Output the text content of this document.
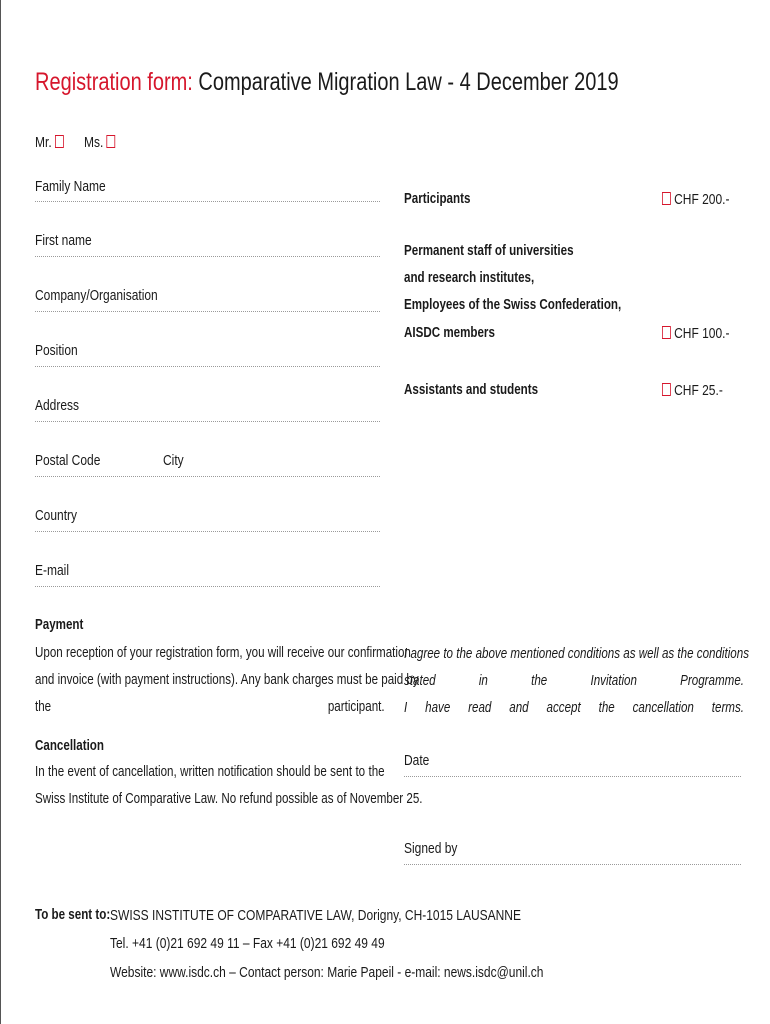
Registration form: Comparative Migration Law - 4 December 2019
Mr.	Ms.
Family Name
First name
Company/Organisation
Position
Address
Postal Code	City
Country
E-mail
Participants	CHF 200.-
Permanent staff of universities
and research institutes,
Employees of the Swiss Confederation,
AISDC members	CHF 100.-
Assistants and students	CHF 25.-
Payment
Upon reception of your registration form, you will receive our confirmation
and invoice (with payment instructions). Any bank charges must be paid by
the participant.
Cancellation
In the event of cancellation, written notification should be sent to the
Swiss Institute of Comparative Law. No refund possible as of November 25.
I agree to the above mentioned conditions as well as the conditions
stated in the Invitation Programme.
I have read and accept the cancellation terms.
Date
Signed by
To be sent to: SWISS INSTITUTE OF COMPARATIVE LAW, Dorigny, CH-1015 LAUSANNE
Tel. +41 (0)21 692 49 11 – Fax +41 (0)21 692 49 49
Website: www.isdc.ch – Contact person: Marie Papeil - e-mail: news.isdc@unil.ch
